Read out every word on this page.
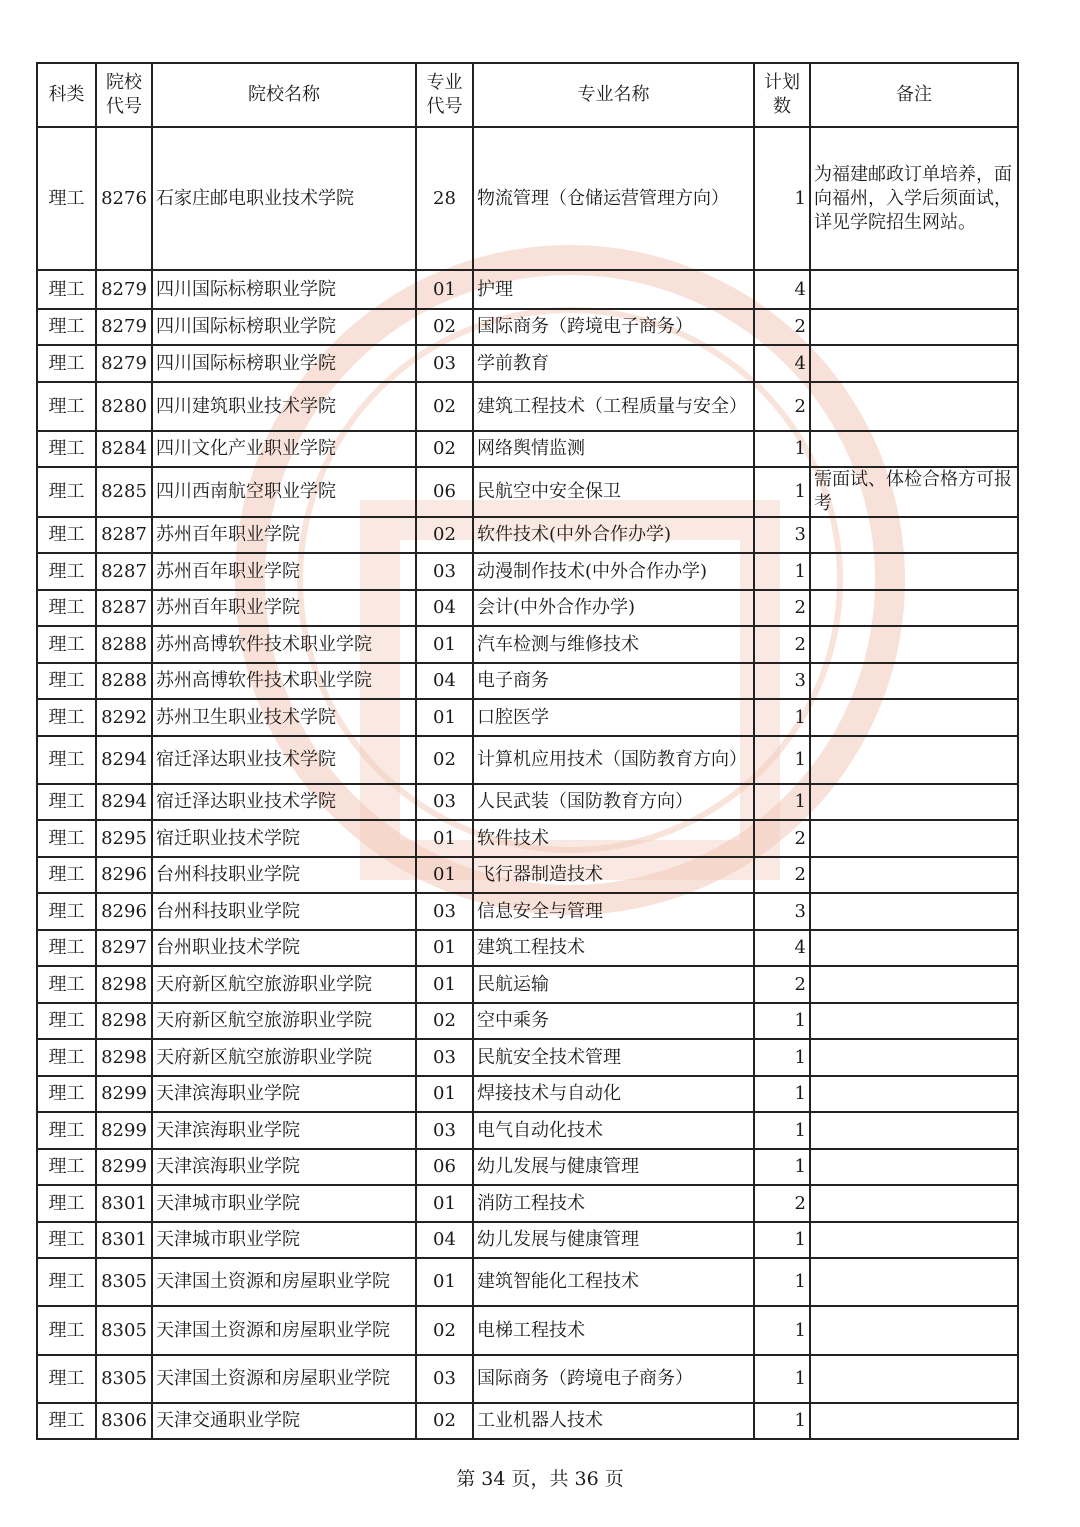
科类	院校代号	院校名称	专业代号	专业名称	计划数	备注
理工	8276	石家庄邮电职业技术学院	28	物流管理（仓储运营管理方向）	1	为福建邮政订单培养，面向福州，入学后须面试，详见学院招生网站。
理工	8279	四川国际标榜职业学院	01	护理	4	
理工	8279	四川国际标榜职业学院	02	国际商务（跨境电子商务）	2	
理工	8279	四川国际标榜职业学院	03	学前教育	4	
理工	8280	四川建筑职业技术学院	02	建筑工程技术（工程质量与安全）	2	
理工	8284	四川文化产业职业学院	02	网络舆情监测	1	
理工	8285	四川西南航空职业学院	06	民航空中安全保卫	1	需面试、体检合格方可报考
理工	8287	苏州百年职业学院	02	软件技术(中外合作办学)	3	
理工	8287	苏州百年职业学院	03	动漫制作技术(中外合作办学)	1	
理工	8287	苏州百年职业学院	04	会计(中外合作办学)	2	
理工	8288	苏州高博软件技术职业学院	01	汽车检测与维修技术	2	
理工	8288	苏州高博软件技术职业学院	04	电子商务	3	
理工	8292	苏州卫生职业技术学院	01	口腔医学	1	
理工	8294	宿迁泽达职业技术学院	02	计算机应用技术（国防教育方向）	1	
理工	8294	宿迁泽达职业技术学院	03	人民武装（国防教育方向）	1	
理工	8295	宿迁职业技术学院	01	软件技术	2	
理工	8296	台州科技职业学院	01	飞行器制造技术	2	
理工	8296	台州科技职业学院	03	信息安全与管理	3	
理工	8297	台州职业技术学院	01	建筑工程技术	4	
理工	8298	天府新区航空旅游职业学院	01	民航运输	2	
理工	8298	天府新区航空旅游职业学院	02	空中乘务	1	
理工	8298	天府新区航空旅游职业学院	03	民航安全技术管理	1	
理工	8299	天津滨海职业学院	01	焊接技术与自动化	1	
理工	8299	天津滨海职业学院	03	电气自动化技术	1	
理工	8299	天津滨海职业学院	06	幼儿发展与健康管理	1	
理工	8301	天津城市职业学院	01	消防工程技术	2	
理工	8301	天津城市职业学院	04	幼儿发展与健康管理	1	
理工	8305	天津国土资源和房屋职业学院	01	建筑智能化工程技术	1	
理工	8305	天津国土资源和房屋职业学院	02	电梯工程技术	1	
理工	8305	天津国土资源和房屋职业学院	03	国际商务（跨境电子商务）	1	
理工	8306	天津交通职业学院	02	工业机器人技术	1	
第 34 页，共 36 页
